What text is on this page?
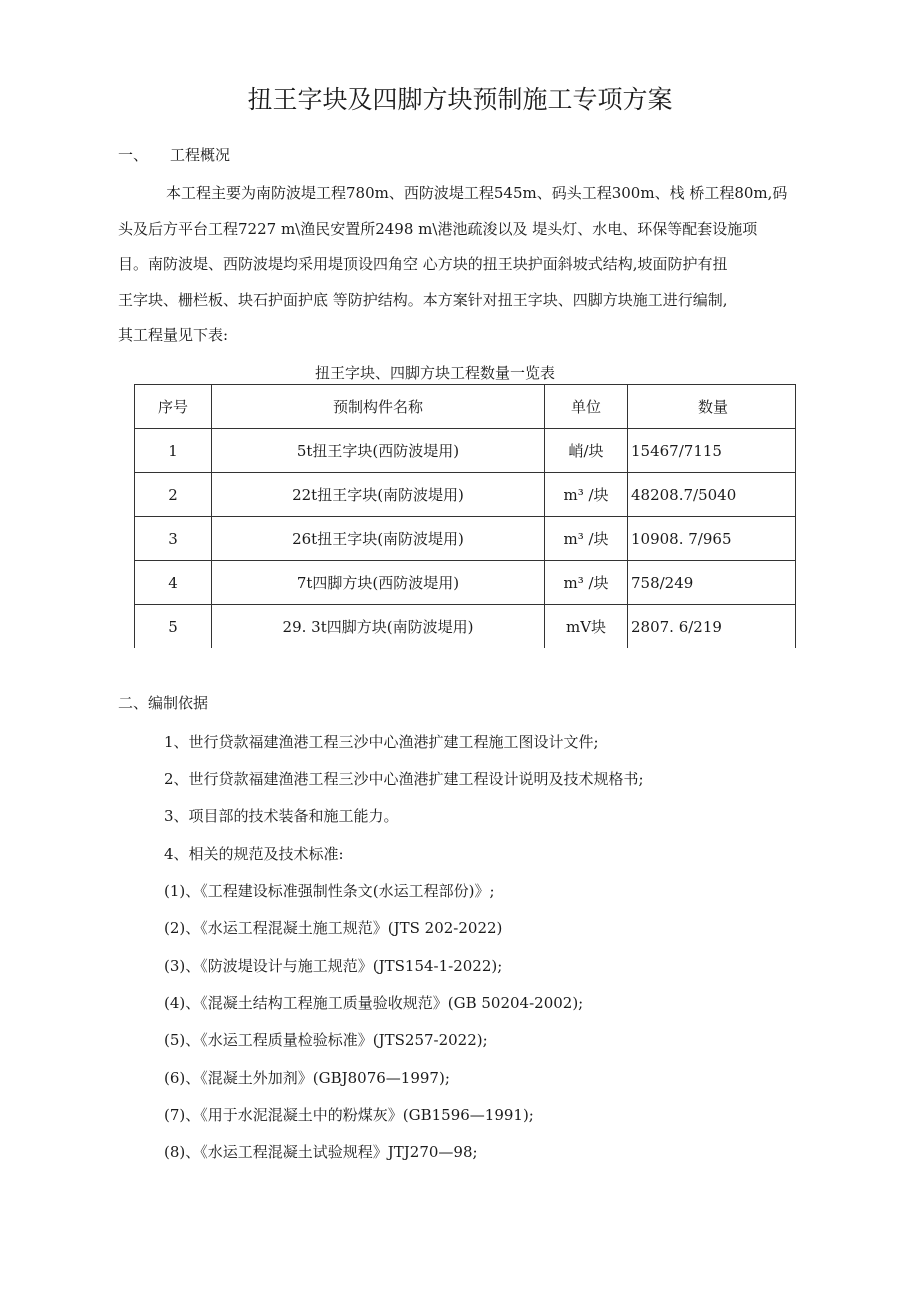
扭王字块及四脚方块预制施工专项方案
一、 工程概况
本工程主要为南防波堤工程780m、西防波堤工程545m、码头工程300m、栈 桥工程80m,码
头及后方平台工程7227 m\渔民安置所2498 m\港池疏浚以及 堤头灯、水电、环保等配套设施项
目。南防波堤、西防波堤均采用堤顶设四角空 心方块的扭王块护面斜坡式结构,坡面防护有扭
王字块、栅栏板、块石护面护底 等防护结构。本方案针对扭王字块、四脚方块施工进行编制,
其工程量见下表:
扭王字块、四脚方块工程数量一览表
序号	预制构件名称	单位	数量
1	5t扭王字块(西防波堤用)	峭/块	15467/7115
2	22t扭王字块(南防波堤用)	m³ /块	48208.7/5040
3	26t扭王字块(南防波堤用)	m³ /块	10908. 7/965
4	7t四脚方块(西防波堤用)	m³ /块	758/249
5	29. 3t四脚方块(南防波堤用)	mV块	2807. 6/219
二、编制依据
1、世行贷款福建渔港工程三沙中心渔港扩建工程施工图设计文件;
2、世行贷款福建渔港工程三沙中心渔港扩建工程设计说明及技术规格书;
3、项目部的技术装备和施工能力。
4、相关的规范及技术标准:
(1)、《工程建设标准强制性条文(水运工程部份)》;
(2)、《水运工程混凝土施工规范》(JTS 202-2022)
(3)、《防波堤设计与施工规范》(JTS154-1-2022);
(4)、《混凝土结构工程施工质量验收规范》(GB 50204-2002);
(5)、《水运工程质量检验标准》(JTS257-2022);
(6)、《混凝土外加剂》(GBJ8076—1997);
(7)、《用于水泥混凝土中的粉煤灰》(GB1596—1991);
(8)、《水运工程混凝土试验规程》JTJ270—98;
